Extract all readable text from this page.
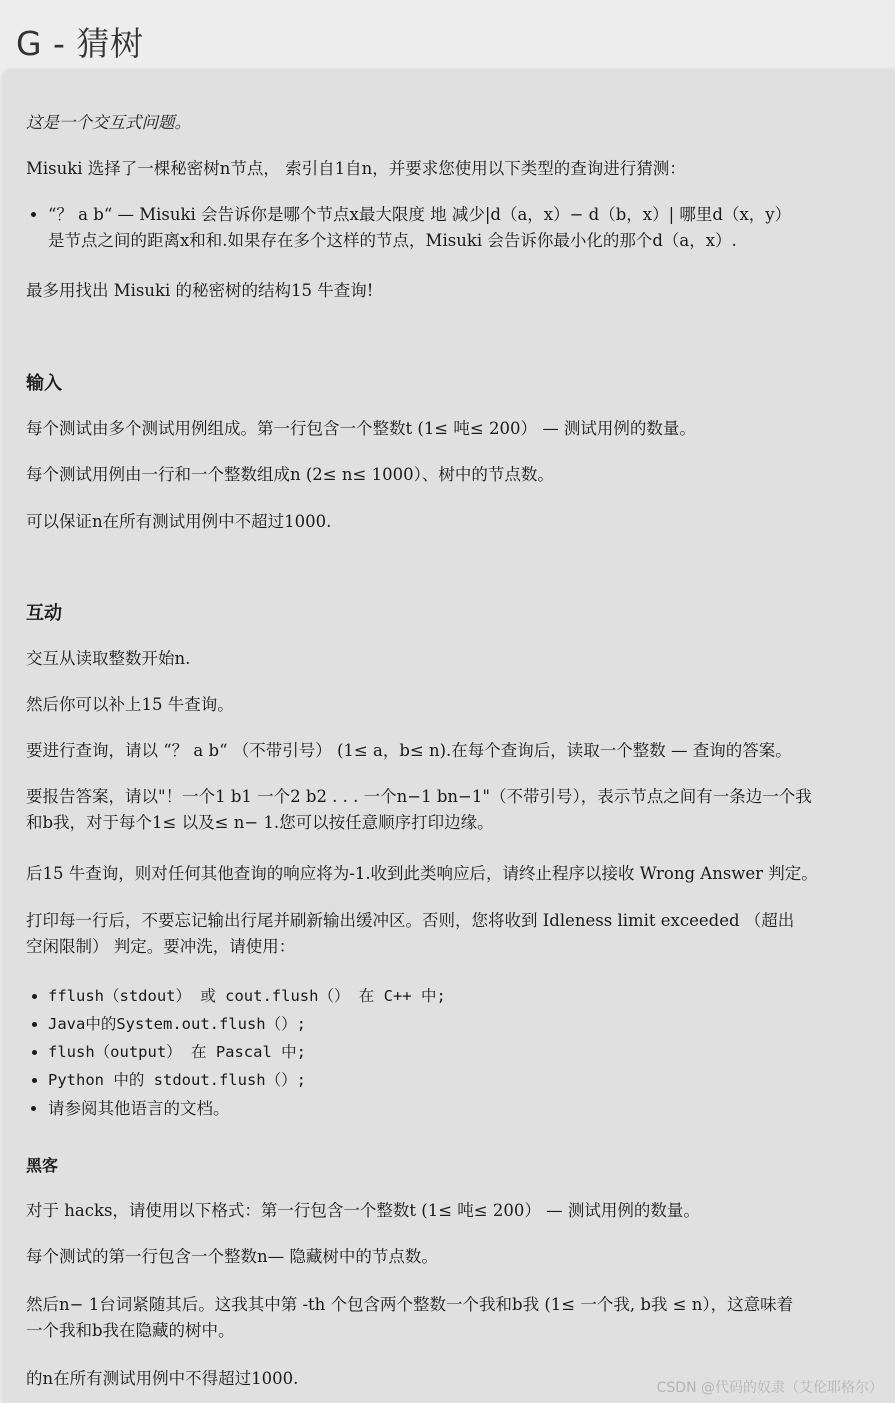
G - 猜树

这是一个交互式问题。

Misuki 选择了一棵秘密树n节点， 索引自1自n，并要求您使用以下类型的查询进行猜测：

• “？ a b“ — Misuki 会告诉你是哪个节点x最大限度 地 减少|d（a，x）− d（b，x）| 哪里d（x，y）
是节点之间的距离x和和.如果存在多个这样的节点，Misuki 会告诉你最小化的那个d（a，x）.

最多用找出 Misuki 的秘密树的结构15 牛查询!

输入

每个测试由多个测试用例组成。第一行包含一个整数t (1≤ 吨≤ 200） — 测试用例的数量。

每个测试用例由一行和一个整数组成n (2≤ n≤ 1000）、树中的节点数。

可以保证n在所有测试用例中不超过1000.

互动

交互从读取整数开始n.

然后你可以补上15 牛查询。

要进行查询，请以 “？ a b“ （不带引号） (1≤ a，b≤ n).在每个查询后，读取一个整数 — 查询的答案。

要报告答案，请以"！一个1 b1 一个2 b2 . . . 一个n−1 bn−1"（不带引号），表示节点之间有一条边一个我
和b我，对于每个1≤ 以及≤ n− 1.您可以按任意顺序打印边缘。

后15 牛查询，则对任何其他查询的响应将为-1.收到此类响应后，请终止程序以接收 Wrong Answer 判定。

打印每一行后，不要忘记输出行尾并刷新输出缓冲区。否则，您将收到 Idleness limit exceeded （超出
空闲限制） 判定。要冲洗，请使用：

• fflush（stdout） 或 cout.flush（） 在 C++ 中;
• Java中的System.out.flush（）;
• flush（output） 在 Pascal 中;
• Python 中的 stdout.flush（）;
• 请参阅其他语言的文档。
黑客

对于 hacks，请使用以下格式：第一行包含一个整数t (1≤ 吨≤ 200） — 测试用例的数量。

每个测试的第一行包含一个整数n— 隐藏树中的节点数。

然后n− 1台词紧随其后。这我其中第 -th 个包含两个整数一个我和b我 (1≤ 一个我, b我 ≤ n），这意味着
一个我和b我在隐藏的树中。

的n在所有测试用例中不得超过1000.	CSDN @代码的奴隶（艾伦耶格尔）
